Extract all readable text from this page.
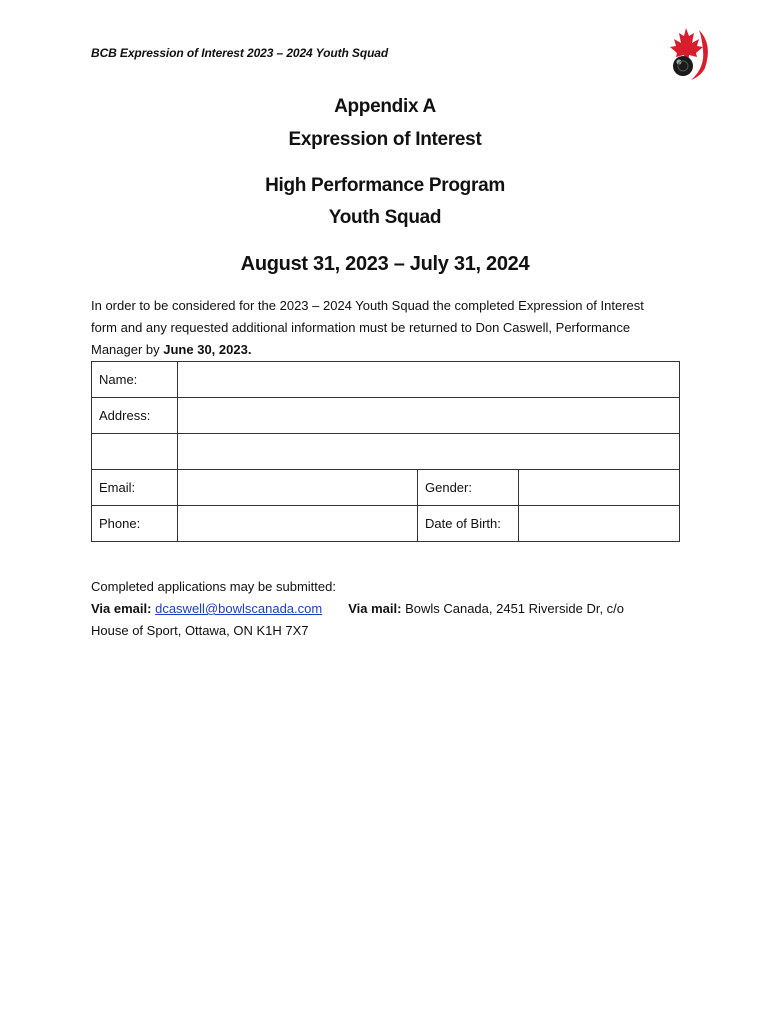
BCB Expression of Interest 2023 – 2024 Youth Squad
Appendix A
Expression of Interest
High Performance Program
Youth Squad
August 31, 2023 – July 31, 2024
In order to be considered for the 2023 – 2024 Youth Squad the completed Expression of Interest form and any requested additional information must be returned to Don Caswell, Performance Manager by June 30, 2023.
Name:			
Address:			

Email:		Gender:	
Phone:		Date of Birth:	
Completed applications may be submitted:
Via email: dcaswell@bowlscanada.com Via mail: Bowls Canada, 2451 Riverside Dr, c/o
House of Sport, Ottawa, ON K1H 7X7
